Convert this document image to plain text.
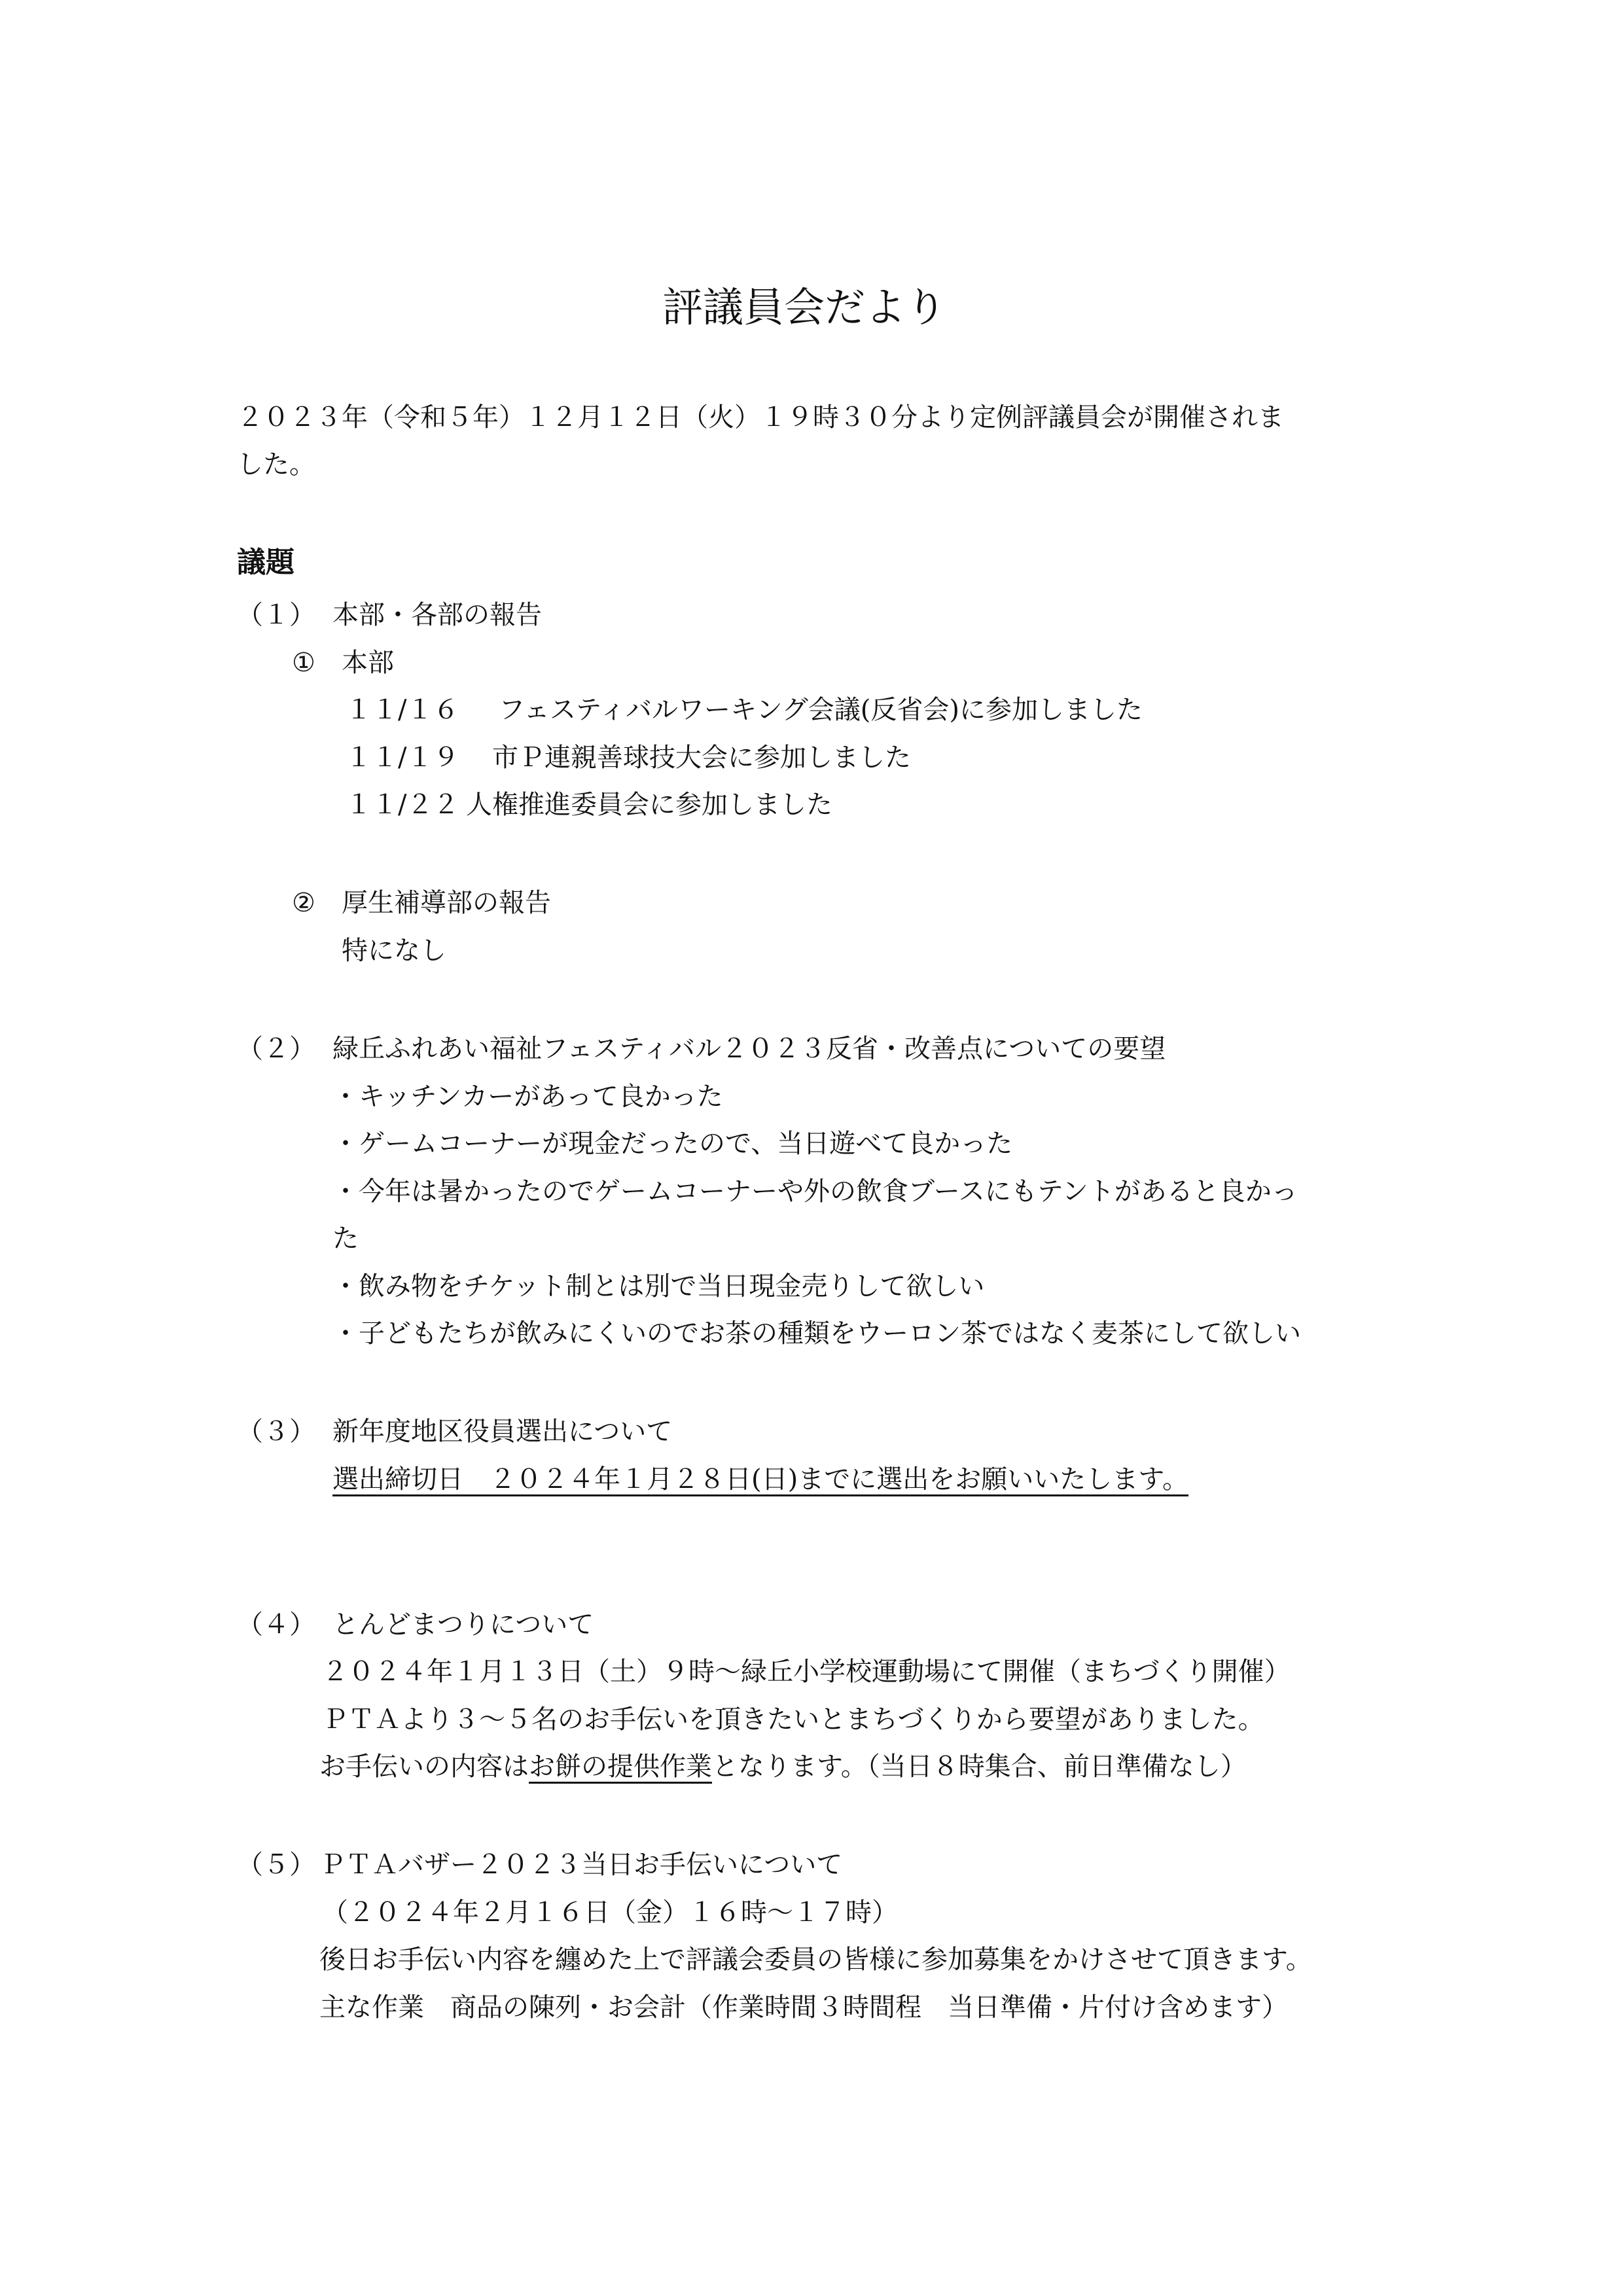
評議員会だより
２０２３年（令和５年）１２月１２日（火）１９時３０分より定例評議員会が開催されま
した。
議題
（１） 本部・各部の報告
① 本部
１１/１６ フェスティバルワーキング会議(反省会)に参加しました
１１/１９ 市Ｐ連親善球技大会に参加しました
１１/２２ 人権推進委員会に参加しました
② 厚生補導部の報告
特になし
（２） 緑丘ふれあい福祉フェスティバル２０２３反省・改善点についての要望
・キッチンカーがあって良かった
・ゲームコーナーが現金だったので、当日遊べて良かった
・今年は暑かったのでゲームコーナーや外の飲食ブースにもテントがあると良かっ
た
・飲み物をチケット制とは別で当日現金売りして欲しい
・子どもたちが飲みにくいのでお茶の種類をウーロン茶ではなく麦茶にして欲しい
（３） 新年度地区役員選出について
選出締切日　２０２４年１月２８日(日)までに選出をお願いいたします。
（４） とんどまつりについて
２０２４年１月１３日（土）９時～緑丘小学校運動場にて開催（まちづくり開催）
ＰＴＡより３～５名のお手伝いを頂きたいとまちづくりから要望がありました。
お手伝いの内容はお餅の提供作業となります。（当日８時集合、前日準備なし）
（５） ＰＴＡバザー２０２３当日お手伝いについて
（２０２４年２月１６日（金）１６時～１７時）
後日お手伝い内容を纏めた上で評議会委員の皆様に参加募集をかけさせて頂きます。
主な作業　商品の陳列・お会計（作業時間３時間程　当日準備・片付け含めます）
